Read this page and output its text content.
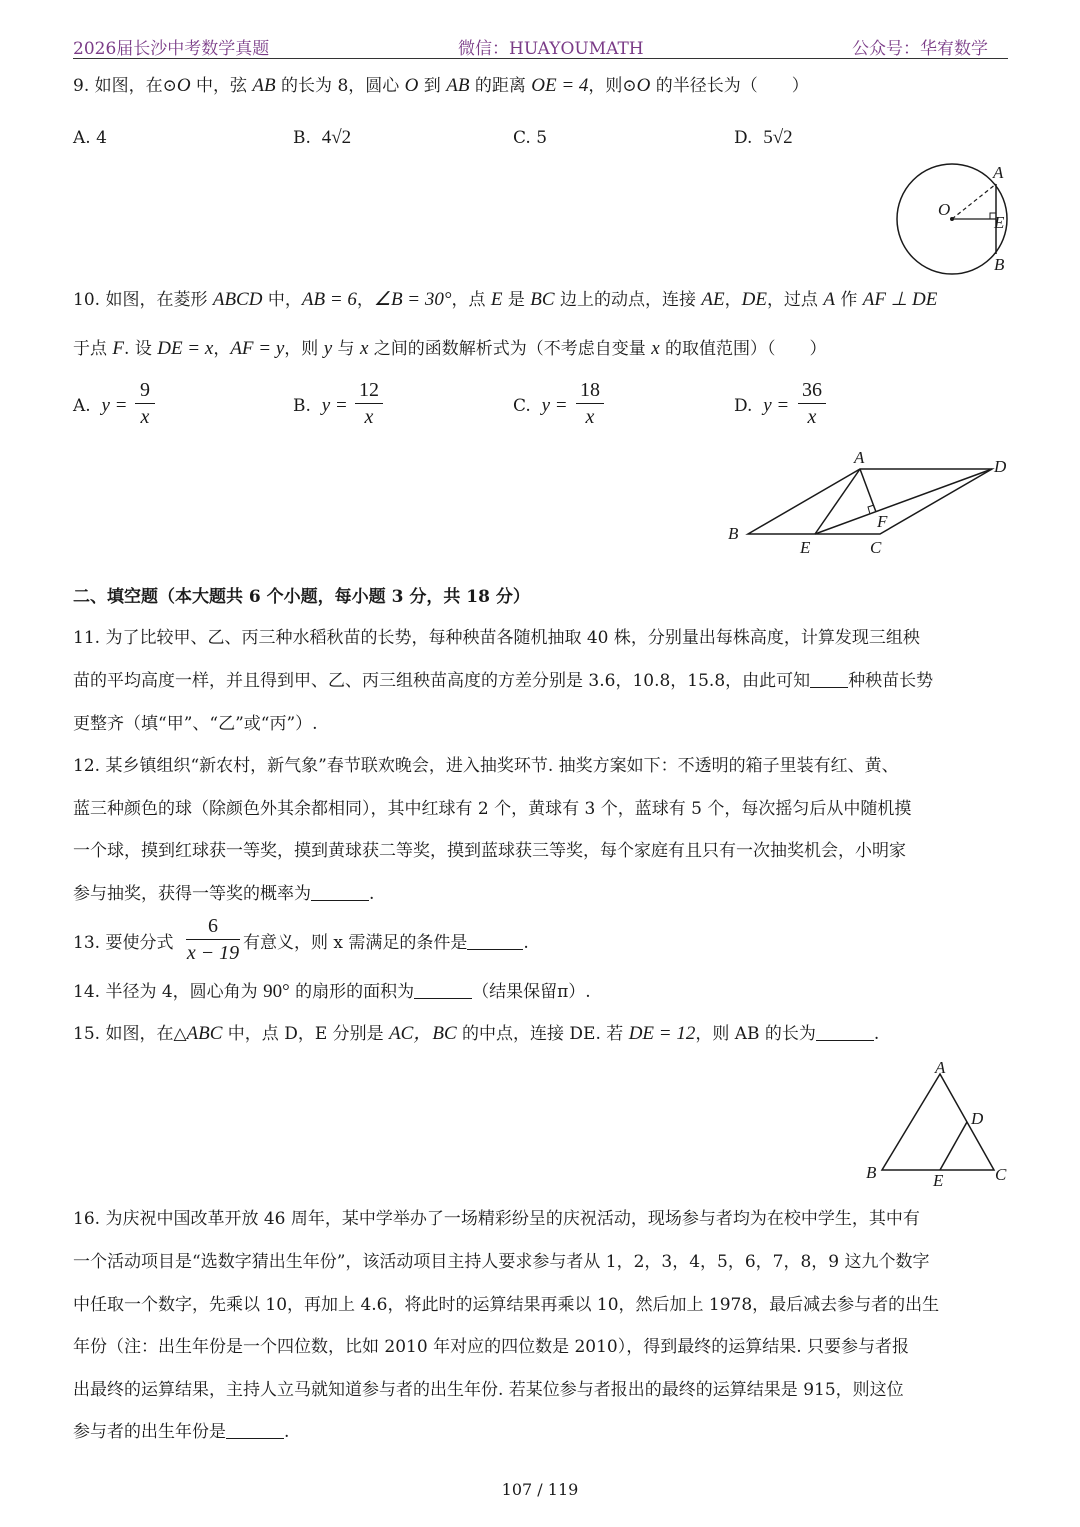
2026届长沙中考数学真题	微信：HUAYOUMATH	公众号：华宥数学
9. 如图，在⊙O 中，弦 AB 的长为 8，圆心 O 到 AB 的距离 OE = 4，则⊙O 的半径长为（　　）
A. 4	B. 4√2	C. 5	D. 5√2
A
O
E
B
10. 如图，在菱形 ABCD 中，AB = 6，∠B = 30°，点 E 是 BC 边上的动点，连接 AE，DE，过点 A 作 AF ⊥ DE
于点 F. 设 DE = x，AF = y，则 y 与 x 之间的函数解析式为（不考虑自变量 x 的取值范围）（　　）
A. y =
9
x	B. y =
12
x	C. y =
18
x	D. y =
36
x
A	D
B
E	C
F
二、填空题（本大题共 6 个小题，每小题 3 分，共 18 分）
11. 为了比较甲、乙、丙三种水稻秋苗的长势，每种秧苗各随机抽取 40 株，分别量出每株高度，计算发现三组秧
苗的平均高度一样，并且得到甲、乙、丙三组秧苗高度的方差分别是 3.6，10.8，15.8，由此可知 种秧苗长势
更整齐（填“甲”、“乙”或“丙”）.
12. 某乡镇组织“新农村，新气象”春节联欢晚会，进入抽奖环节. 抽奖方案如下：不透明的箱子里装有红、黄、
蓝三种颜色的球（除颜色外其余都相同），其中红球有 2 个，黄球有 3 个，蓝球有 5 个，每次摇匀后从中随机摸
一个球，摸到红球获一等奖，摸到黄球获二等奖，摸到蓝球获三等奖，每个家庭有且只有一次抽奖机会，小明家
参与抽奖，获得一等奖的概率为	.
13. 要使分式
6
x − 19 有意义，则 x 需满足的条件是	.
14. 半径为 4，圆心角为 90° 的扇形的面积为	（结果保留π）.
15. 如图，在△ABC 中，点 D，E 分别是 AC，BC 的中点，连接 DE. 若 DE = 12，则 AB 的长为	.
A
D
B	E	C
16. 为庆祝中国改革开放 46 周年，某中学举办了一场精彩纷呈的庆祝活动，现场参与者均为在校中学生，其中有
一个活动项目是“选数字猜出生年份”，该活动项目主持人要求参与者从 1，2，3，4，5，6，7，8，9 这九个数字
中任取一个数字，先乘以 10，再加上 4.6，将此时的运算结果再乘以 10，然后加上 1978，最后减去参与者的出生
年份（注：出生年份是一个四位数，比如 2010 年对应的四位数是 2010），得到最终的运算结果. 只要参与者报
出最终的运算结果，主持人立马就知道参与者的出生年份. 若某位参与者报出的最终的运算结果是 915，则这位
参与者的出生年份是	.
107 / 119
